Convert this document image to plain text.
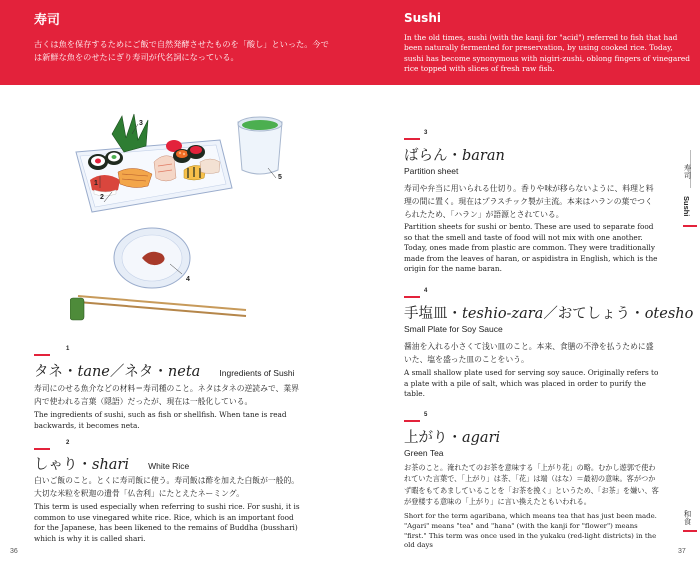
寿司
古くは魚を保存するためにご飯で自然発酵させたものを「酸し」といった。今では新鮮な魚をのせたにぎり寿司が代名詞になっている。
Sushi
In the old times, sushi (with the kanji for "acid") referred to fish that had been naturally fermented for preservation, by using cooked rice. Today, sushi has become synonymous with nigiri-zushi, oblong fingers of vinegared rice topped with slices of fresh raw fish.
1
2
3
4
5
1
タネ・tane／ネタ・neta Ingredients of Sushi
寿司にのせる魚介などの材料＝寿司種のこと。ネタはタネの逆読みで、業界内で使われる言葉（隠語）だったが、現在は一般化している。
The ingredients of sushi, such as fish or shellfish. When tane is read backwards, it becomes neta.
2
しゃり・shari White Rice
白いご飯のこと。とくに寿司飯に使う。寿司飯は酢を加えた白飯が一般的。大切な米粒を釈迦の遺骨「仏舎利」にたとえたネーミング。
This term is used especially when referring to sushi rice. For sushi, it is common to use vinegared white rice. Rice, which is an important food for the Japanese, has been likened to the remains of Buddha (busshari) which is why it is called shari.
3
ばらん・baran
Partition sheet
寿司や弁当に用いられる仕切り。香りや味が移らないように、料理と料理の間に置く。現在はプラスチック製が主流。本来はハランの葉でつくられたため、「ハラン」が語源とされている。
Partition sheets for sushi or bento. These are used to separate food so that the smell and taste of food will not mix with one another. Today, ones made from plastic are common. They were traditionally made from the leaves of haran, or aspidistra in English, which is the origin for the name baran.
4
手塩皿・teshio-zara／おてしょう・otesho
Small Plate for Soy Sauce
醤油を入れる小さくて浅い皿のこと。本来、食膳の不浄を払うために盛いた、塩を盛った皿のことをいう。
A small shallow plate used for serving soy sauce. Originally refers to a plate with a pile of salt, which was placed in order to purify the table.
5
上がり・agari
Green Tea
お茶のこと。淹れたてのお茶を意味する「上がり花」の略。むかし遊郭で使われていた言葉で、「上がり」は茶、「花」は端（はな）＝最初の意味。客がつかず暇をもてあましていることを「お茶を挽く」というため、「お茶」を嫌い、客が登楼する意味の「上がり」に言い換えたともいわれる。
Short for the term agaribana, which means tea that has just been made. "Agari" means "tea" and "hana" (with the kanji for "flower") means "first." This term was once used in the yukaku (red-light districts) in the old days
36	37
寿司
Sushi
和食
